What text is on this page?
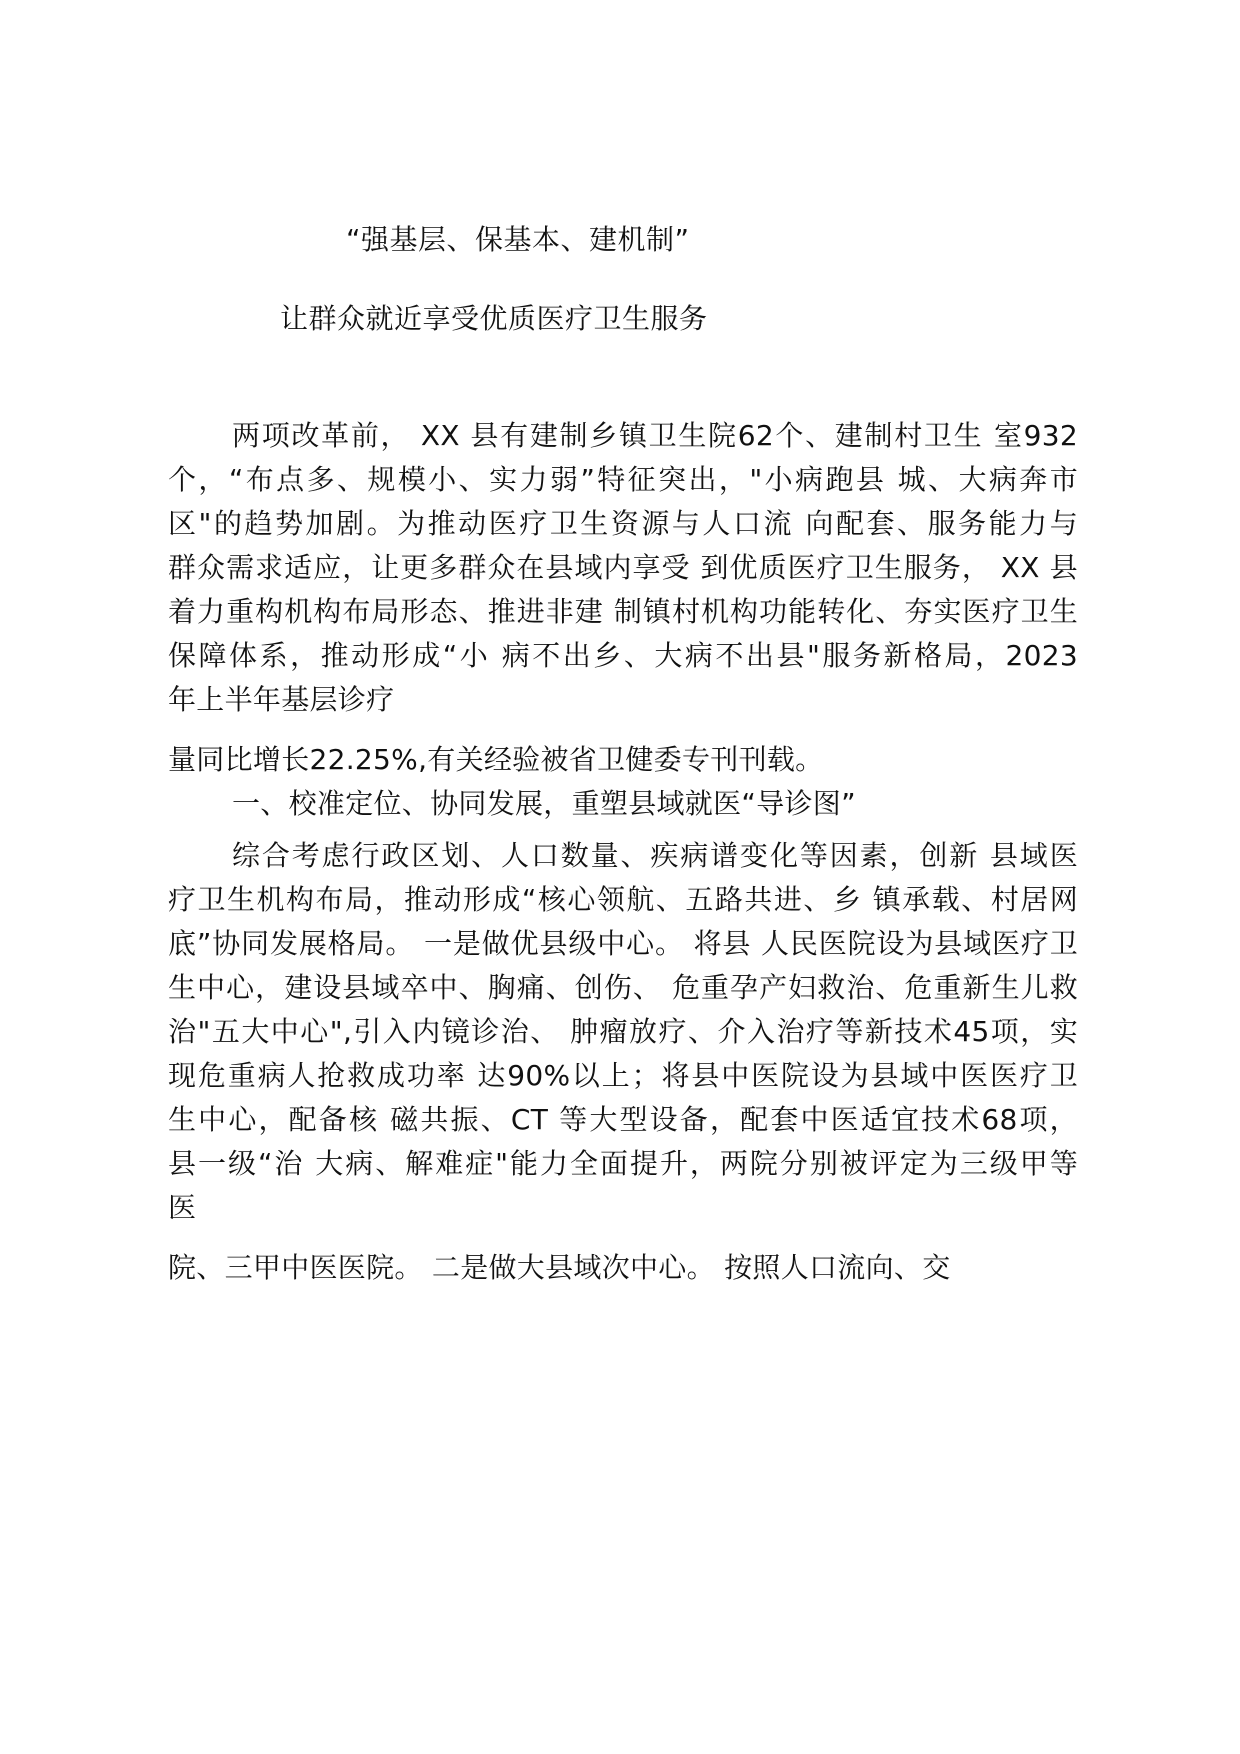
“强基层、保基本、建机制”
让群众就近享受优质医疗卫生服务
两项改革前， XX 县有建制乡镇卫生院62个、建制村卫生 室932
个，“布点多、规模小、实力弱”特征突出，"小病跑县 城、大病奔市
区"的趋势加剧。为推动医疗卫生资源与人口流 向配套、服务能力与
群众需求适应，让更多群众在县域内享受 到优质医疗卫生服务， XX 县
着力重构机构布局形态、推进非建 制镇村机构功能转化、夯实医疗卫生
保障体系，推动形成“小 病不出乡、大病不出县"服务新格局，2023
年上半年基层诊疗
量同比增长22.25%,有关经验被省卫健委专刊刊载。
一、校准定位、协同发展，重塑县域就医“导诊图”
综合考虑行政区划、人口数量、疾病谱变化等因素，创新 县域医
疗卫生机构布局，推动形成“核心领航、五路共进、乡 镇承载、村居网
底”协同发展格局。 一是做优县级中心。 将县 人民医院设为县域医疗卫
生中心，建设县域卒中、胸痛、创伤、 危重孕产妇救治、危重新生儿救
治"五大中心",引入内镜诊治、 肿瘤放疗、介入治疗等新技术45项，实
现危重病人抢救成功率 达90%以上；将县中医院设为县域中医医疗卫
生中心，配备核 磁共振、CT 等大型设备，配套中医适宜技术68项，
县一级“治 大病、解难症"能力全面提升，两院分别被评定为三级甲等
医
院、三甲中医医院。 二是做大县域次中心。 按照人口流向、交
